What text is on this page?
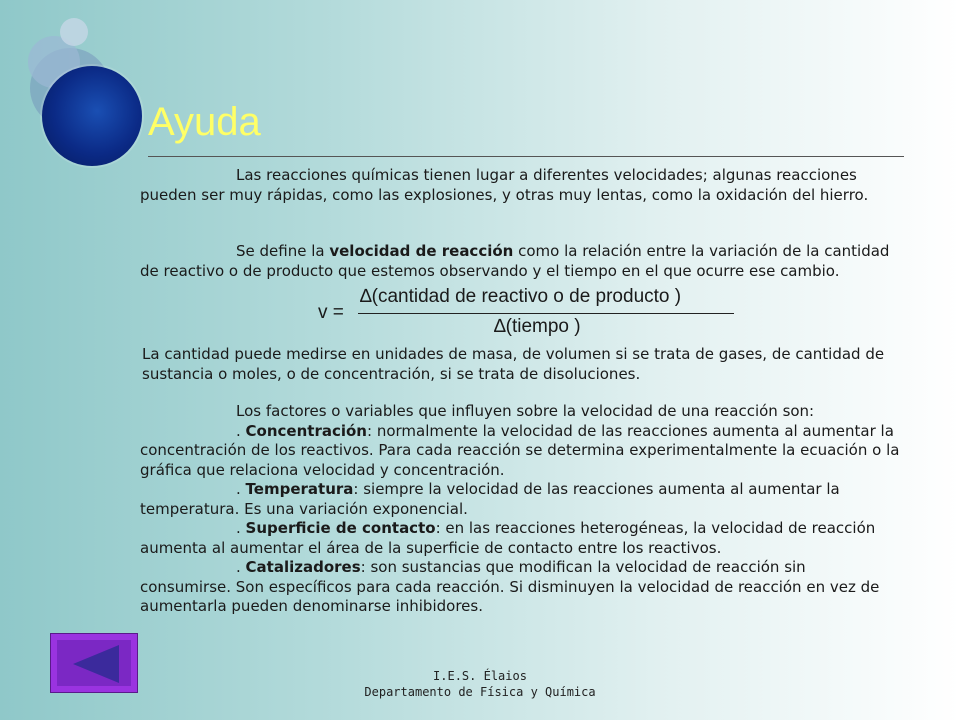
Ayuda

Las reacciones químicas tienen lugar a diferentes velocidades; algunas reacciones pueden ser muy rápidas, como las explosiones, y otras muy lentas, como la oxidación del hierro.

Se define la velocidad de reacción como la relación entre la variación de la cantidad de reactivo o de producto que estemos observando y el tiempo en el que ocurre ese cambio.

v =
∆(cantidad de reactivo o de producto )
∆(tiempo )

La cantidad puede medirse en unidades de masa, de volumen si se trata de gases, de cantidad de sustancia o moles, o de concentración, si se trata de disoluciones.

Los factores o variables que influyen sobre la velocidad de una reacción son:
. Concentración: normalmente la velocidad de las reacciones aumenta al aumentar la concentración de los reactivos. Para cada reacción se determina experimentalmente la ecuación o la gráfica que relaciona velocidad y concentración.
. Temperatura: siempre la velocidad de las reacciones aumenta al aumentar la temperatura. Es una variación exponencial.
. Superficie de contacto: en las reacciones heterogéneas, la velocidad de reacción aumenta al aumentar el área de la superficie de contacto entre los reactivos.
. Catalizadores: son sustancias que modifican la velocidad de reacción sin consumirse. Son específicos para cada reacción. Si disminuyen la velocidad de reacción en vez de aumentarla pueden denominarse inhibidores.
I.E.S. Élaios
Departamento de Física y Química
